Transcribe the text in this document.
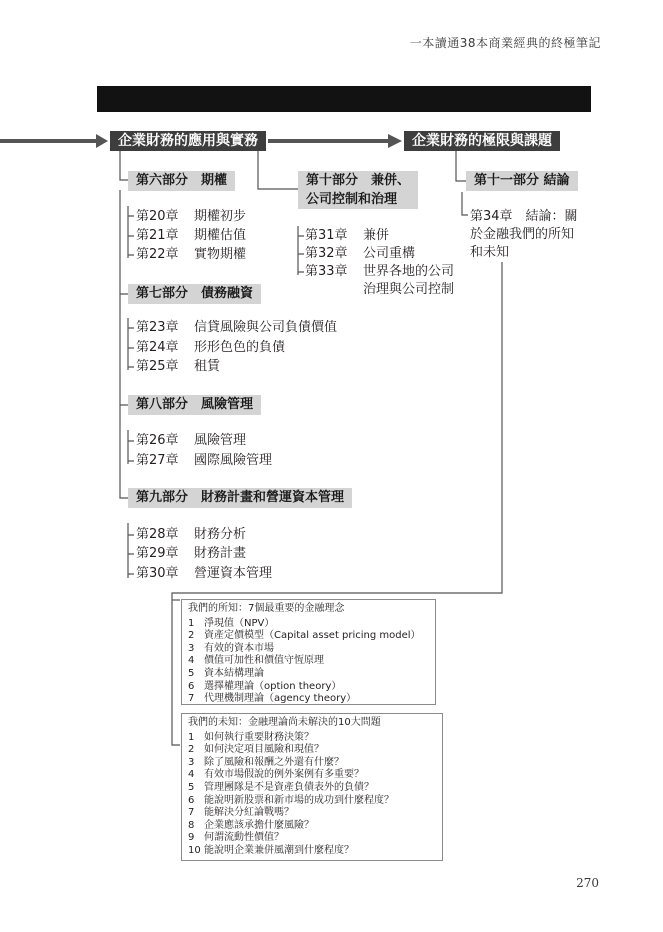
一本讀通38本商業經典的終極筆記
企業財務的應用與實務	企業財務的極限與課題
第六部分　期權
第20章 期權初步
第21章 期權估值
第22章 實物期權
第七部分　債務融資
第23章 信貸風險與公司負債價值
第24章 形形色色的負債
第25章 租賃
第八部分　風險管理
第26章 風險管理
第27章 國際風險管理
第九部分　財務計畫和營運資本管理
第28章 財務分析
第29章 財務計畫
第30章 營運資本管理
第十部分　兼併、
公司控制和治理
第31章 兼併
第32章 公司重構
第33章 世界各地的公司
治理與公司控制
第十一部分 結論
第34章　結論：關
於金融我們的所知
和未知
我們的所知：7個最重要的金融理念
1 淨現值（NPV）
2 資產定價模型（Capital asset pricing model）
3 有效的資本市場
4 價值可加性和價值守恆原理
5 資本結構理論
6 選擇權理論（option theory）
7 代理機制理論（agency theory）
我們的未知：金融理論尚未解決的10大問題
1 如何執行重要財務決策？
2 如何決定項目風險和現值？
3 除了風險和報酬之外還有什麼？
4 有效市場假說的例外案例有多重要？
5 管理團隊是不是資產負債表外的負債？
6 能說明新股票和新市場的成功到什麼程度？
7 能解決分紅論戰嗎？
8 企業應該承擔什麼風險？
9 何謂流動性價值？
10 能說明企業兼併風潮到什麼程度？
270
